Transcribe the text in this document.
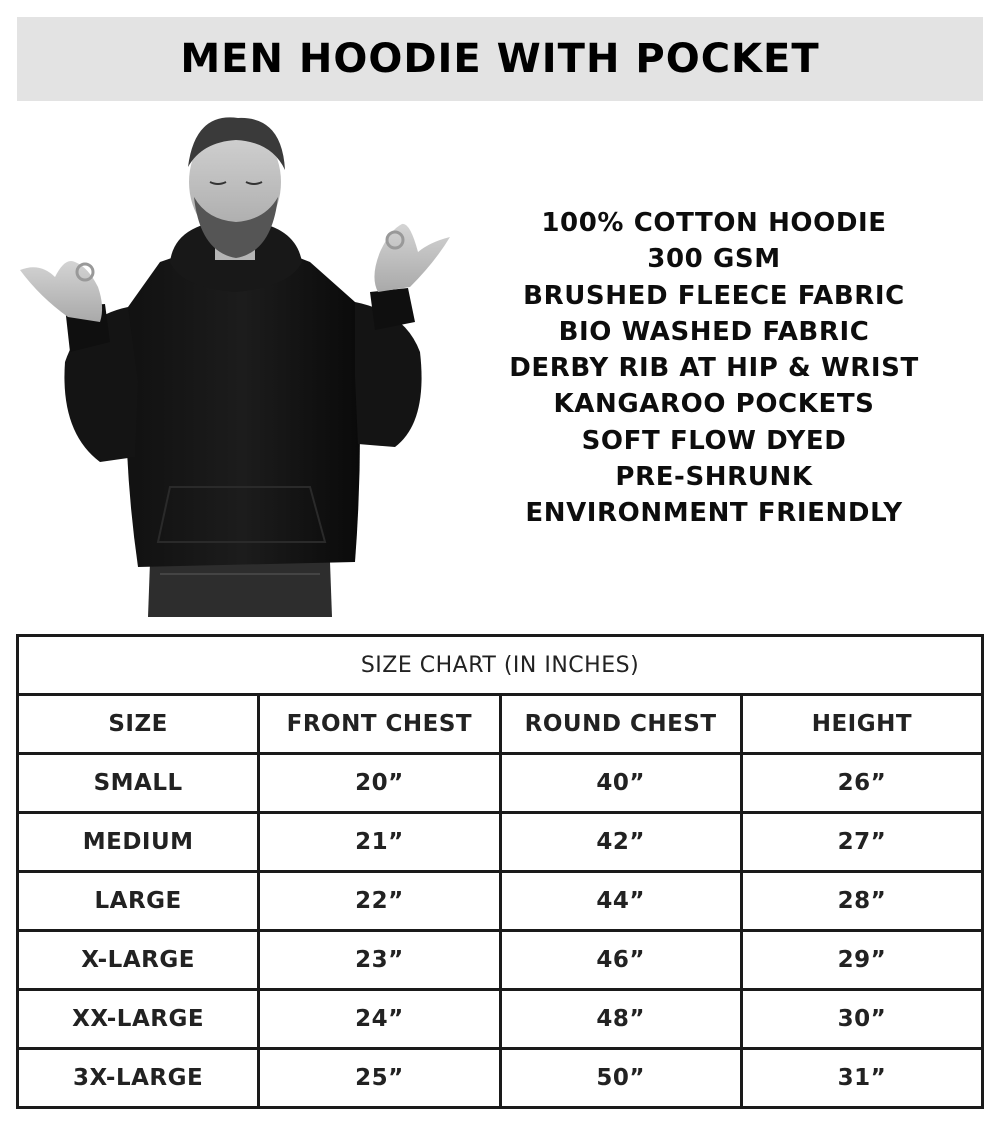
MEN HOODIE WITH POCKET
100% COTTON HOODIE
300 GSM
BRUSHED FLEECE FABRIC
BIO WASHED FABRIC
DERBY RIB AT HIP & WRIST
KANGAROO POCKETS
SOFT FLOW DYED
PRE-SHRUNK
ENVIRONMENT FRIENDLY
SIZE CHART (IN INCHES)			
SIZE	FRONT CHEST	ROUND CHEST	HEIGHT
SMALL	20”	40”	26”
MEDIUM	21”	42”	27”
LARGE	22”	44”	28”
X-LARGE	23”	46”	29”
XX-LARGE	24”	48”	30”
3X-LARGE	25”	50”	31”
